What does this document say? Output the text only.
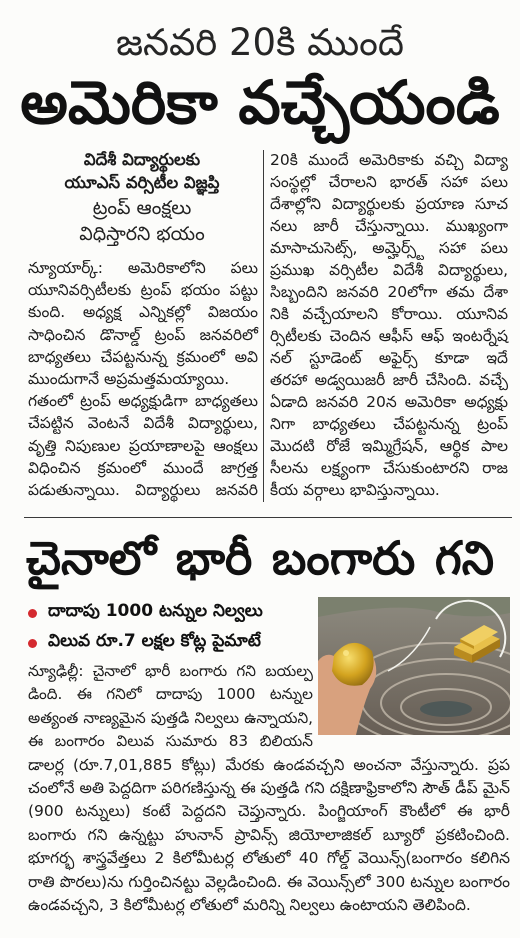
జనవరి 20కి ముందే
అమెరికా వచ్చేయండి
విదేశీ విద్యార్థులకు
యూఎస్ వర్సిటీల విజ్ఞప్తి
ట్రంప్ ఆంక్షలు
విధిస్తారని భయం
న్యూయార్క్: అమెరికాలోని పలు
యూనివర్సిటీలకు ట్రంప్ భయం పట్టు
కుంది. అధ్యక్ష ఎన్నికల్లో విజయం
సాధించిన డొనాల్డ్ ట్రంప్ జనవరిలో
బాధ్యతలు చేపట్టనున్న క్రమంలో అవి
ముందుగానే అప్రమత్తమయ్యాయి.
గతంలో ట్రంప్ అధ్యక్షుడిగా బాధ్యతలు
చేపట్టిన వెంటనే విదేశీ విద్యార్థులు,
వృత్తి నిపుణుల ప్రయాణాలపై ఆంక్షలు
విధించిన క్రమంలో ముందే జాగ్రత్త
పడుతున్నాయి. విద్యార్థులు జనవరి
20కి ముందే అమెరికాకు వచ్చి విద్యా
సంస్థల్లో చేరాలని భారత్ సహా పలు
దేశాల్లోని విద్యార్థులకు ప్రయాణ సూచ
నలు జారీ చేస్తున్నాయి. ముఖ్యంగా
మాసాచుసెట్స్, అమ్హెర్స్ట్ సహా పలు
ప్రముఖ వర్సిటీల విదేశీ విద్యార్థులు,
సిబ్బందిని జనవరి 20లోగా తమ దేశా
నికి వచ్చేయాలని కోరాయి. యూనివ
ర్సిటీలకు చెందిన ఆఫీస్ ఆఫ్ ఇంటర్నేష
నల్ స్టూడెంట్ అఫైర్స్ కూడా ఇదే
తరహా అడ్వయిజరీ జారీ చేసింది. వచ్చే
ఏడాది జనవరి 20న అమెరికా అధ్యక్షు
నిగా బాధ్యతలు చేపట్టనున్న ట్రంప్
మొదటి రోజే ఇమ్మిగ్రేషన్, ఆర్థిక పాల
సీలను లక్ష్యంగా చేసుకుంటారని రాజ
కీయ వర్గాలు భావిస్తున్నాయి.
చైనాలో భారీ బంగారు గని
దాదాపు 1000 టన్నుల నిల్వలు
విలువ రూ.7 లక్షల కోట్ల పైమాటే
న్యూఢిల్లీ: చైనాలో భారీ బంగారు గని బయల్ప
డింది. ఈ గనిలో దాదాపు 1000 టన్నుల
అత్యంత నాణ్యమైన పుత్తడి నిల్వలు ఉన్నాయని,
ఈ బంగారం విలువ సుమారు 83 బిలియన్
డాలర్ల (రూ.7,01,885 కోట్లు) మేరకు ఉండవచ్చని అంచనా వేస్తున్నారు. ప్రప
చంలోనే అతి పెద్దదిగా పరిగణిస్తున్న ఈ పుత్తడి గని దక్షిణాఫ్రికాలోని సౌత్ డీప్ మైన్
(900 టన్నులు) కంటే పెద్దదని చెప్తున్నారు. పింగ్జియాంగ్ కౌంటీలో ఈ భారీ
బంగారు గని ఉన్నట్టు హునాన్ ప్రావిన్స్ జియోలాజికల్ బ్యూరో ప్రకటించింది.
భూగర్భ శాస్త్రవేత్తలు 2 కిలోమీటర్ల లోతులో 40 గోల్డ్ వెయిన్స్(బంగారం కలిగిన
రాతి పొరలు)ను గుర్తించినట్టు వెల్లడించింది. ఈ వెయిన్స్‌లో 300 టన్నుల బంగారం
ఉండవచ్చని, 3 కిలోమీటర్ల లోతులో మరిన్ని నిల్వలు ఉంటాయని తెలిపింది.
